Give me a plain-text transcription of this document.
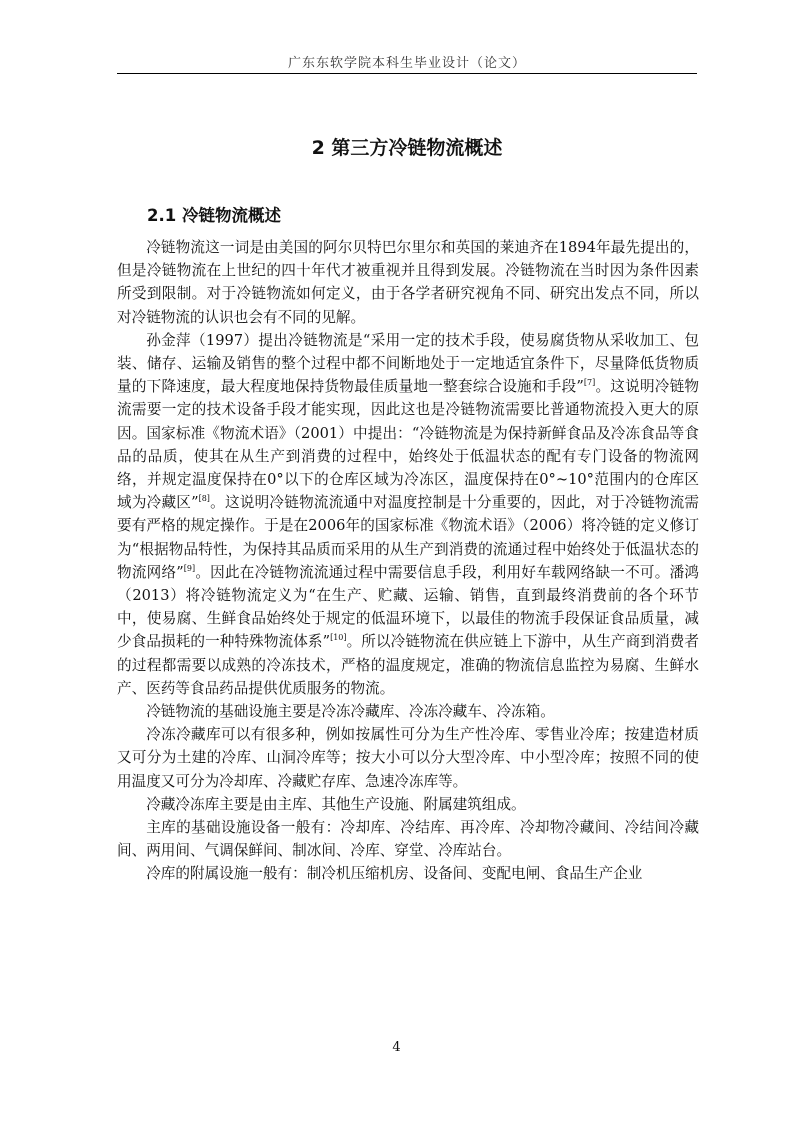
广东东软学院本科生毕业设计（论文）
2 第三方冷链物流概述
2.1 冷链物流概述

冷链物流这一词是由美国的阿尔贝特巴尔里尔和英国的莱迪齐在1894年最先提出的，但是冷链物流在上世纪的四十年代才被重视并且得到发展。冷链物流在当时因为条件因素所受到限制。对于冷链物流如何定义，由于各学者研究视角不同、研究出发点不同，所以对冷链物流的认识也会有不同的见解。

孙金萍（1997）提出冷链物流是“采用一定的技术手段，使易腐货物从采收加工、包装、储存、运输及销售的整个过程中都不间断地处于一定地适宜条件下，尽量降低货物质量的下降速度，最大程度地保持货物最佳质量地一整套综合设施和手段”[7]。这说明冷链物流需要一定的技术设备手段才能实现，因此这也是冷链物流需要比普通物流投入更大的原因。国家标准《物流术语》（2001）中提出：“冷链物流是为保持新鲜食品及冷冻食品等食品的品质，使其在从生产到消费的过程中，始终处于低温状态的配有专门设备的物流网络，并规定温度保持在0°以下的仓库区域为冷冻区，温度保持在0°~10°范围内的仓库区域为冷藏区”[8]。这说明冷链物流流通中对温度控制是十分重要的，因此，对于冷链物流需要有严格的规定操作。于是在2006年的国家标准《物流术语》（2006）将冷链的定义修订为“根据物品特性，为保持其品质而采用的从生产到消费的流通过程中始终处于低温状态的物流网络”[9]。因此在冷链物流流通过程中需要信息手段，利用好车载网络缺一不可。潘鸿（2013）将冷链物流定义为“在生产、贮藏、运输、销售，直到最终消费前的各个环节中，使易腐、生鲜食品始终处于规定的低温环境下，以最佳的物流手段保证食品质量，减少食品损耗的一种特殊物流体系”[10]。所以冷链物流在供应链上下游中，从生产商到消费者的过程都需要以成熟的冷冻技术，严格的温度规定，准确的物流信息监控为易腐、生鲜水产、医药等食品药品提供优质服务的物流。

冷链物流的基础设施主要是冷冻冷藏库、冷冻冷藏车、冷冻箱。

冷冻冷藏库可以有很多种，例如按属性可分为生产性冷库、零售业冷库；按建造材质又可分为土建的冷库、山洞冷库等；按大小可以分大型冷库、中小型冷库；按照不同的使用温度又可分为冷却库、冷藏贮存库、急速冷冻库等。

冷藏冷冻库主要是由主库、其他生产设施、附属建筑组成。

主库的基础设施设备一般有：冷却库、冷结库、再冷库、冷却物冷藏间、冷结间冷藏间、两用间、气调保鲜间、制冰间、冷库、穿堂、冷库站台。

冷库的附属设施一般有：制冷机压缩机房、设备间、变配电闸、食品生产企业

4
